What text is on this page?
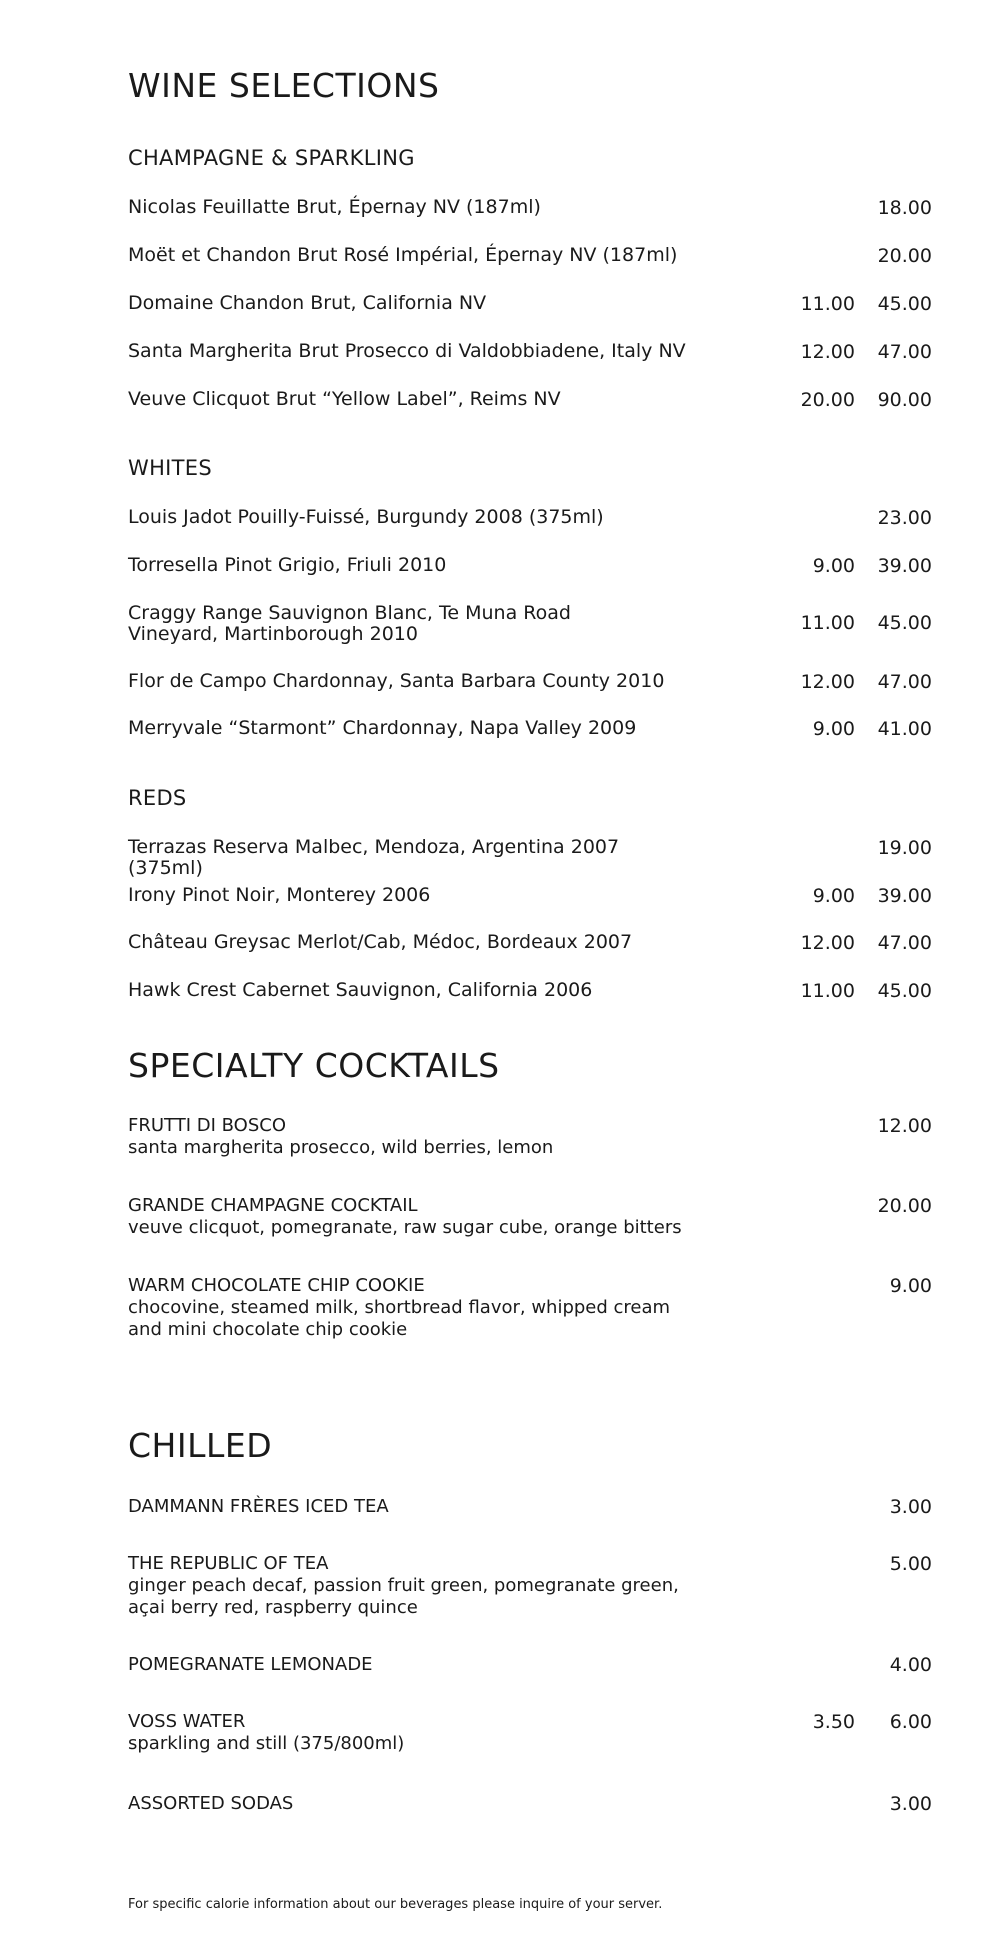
WINE SELECTIONS
CHAMPAGNE & SPARKLING
Nicolas Feuillatte Brut, Épernay NV (187ml)	18.00
Moët et Chandon Brut Rosé Impérial, Épernay NV (187ml)	20.00
Domaine Chandon Brut, California NV	11.00 45.00
Santa Margherita Brut Prosecco di Valdobbiadene, Italy NV	12.00 47.00
Veuve Clicquot Brut “Yellow Label”, Reims NV	20.00 90.00
WHITES
Louis Jadot Pouilly-Fuissé, Burgundy 2008 (375ml)	23.00
Torresella Pinot Grigio, Friuli 2010	9.00 39.00
Craggy Range Sauvignon Blanc, Te Muna Road Vineyard, Martinborough 2010	11.00 45.00
Flor de Campo Chardonnay, Santa Barbara County 2010	12.00 47.00
Merryvale “Starmont” Chardonnay, Napa Valley 2009	9.00 41.00
REDS
Terrazas Reserva Malbec, Mendoza, Argentina 2007 (375ml)
19.00
Irony Pinot Noir, Monterey 2006	9.00 39.00
Château Greysac Merlot/Cab, Médoc, Bordeaux 2007	12.00 47.00
Hawk Crest Cabernet Sauvignon, California 2006	11.00 45.00
SPECIALTY COCKTAILS
FRUTTI DI BOSCO
santa margherita prosecco, wild berries, lemon
12.00
GRANDE CHAMPAGNE COCKTAIL
veuve clicquot, pomegranate, raw sugar cube, orange bitters
20.00
WARM CHOCOLATE CHIP COOKIE
chocovine, steamed milk, shortbread flavor, whipped cream and mini chocolate chip cookie
9.00
CHILLED
DAMMANN FRÈRES ICED TEA	3.00
THE REPUBLIC OF TEA
ginger peach decaf, passion fruit green, pomegranate green, açai berry red, raspberry quince
5.00
POMEGRANATE LEMONADE	4.00
VOSS WATER
sparkling and still (375/800ml)
3.50 6.00
ASSORTED SODAS	3.00
For specific calorie information about our beverages please inquire of your server.
